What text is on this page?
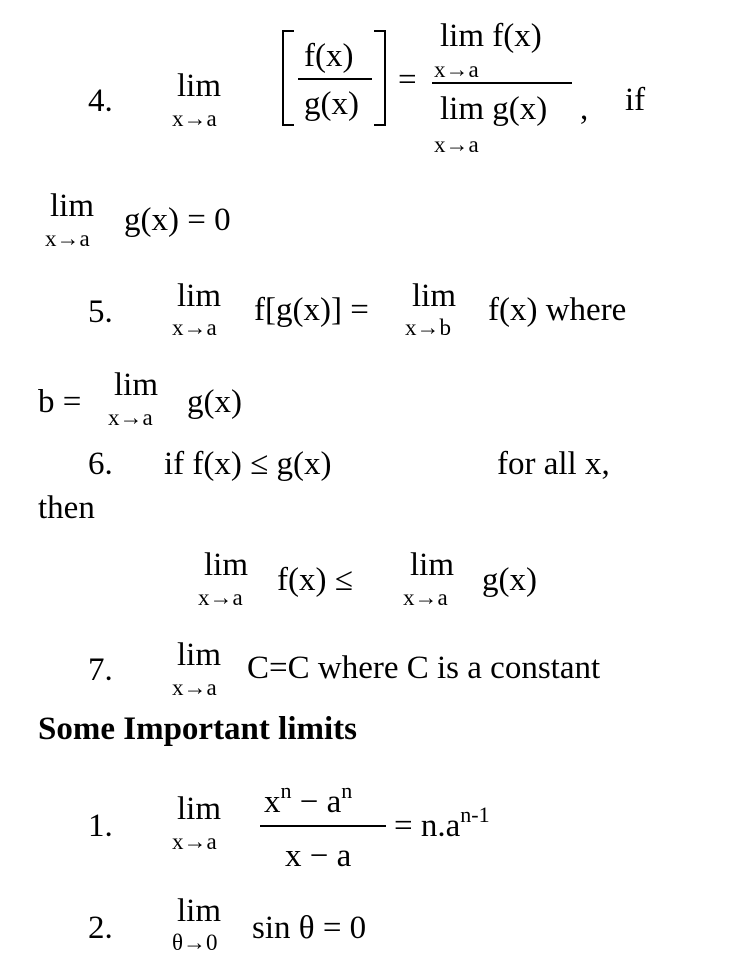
4. lim
x→a
f(x)
g(x)
=
lim f(x)
x→a
lim g(x) ,
x→a
if
lim
x→a
g(x) = 0
5. lim
x→a f[g(x)] = lim
x→b f(x) where
b = lim
x→a g(x)
6. if f(x) ≤ g(x)	for all x,
then
lim
x→a f(x) ≤ lim
x→a g(x)
7. lim
x→a
C=C where C is a constant
Some Important limits
1. lim
x→a
$x^n - a^n$
x − a
= $n.a^{n-1}$
2. lim
θ→0 sin θ = 0
